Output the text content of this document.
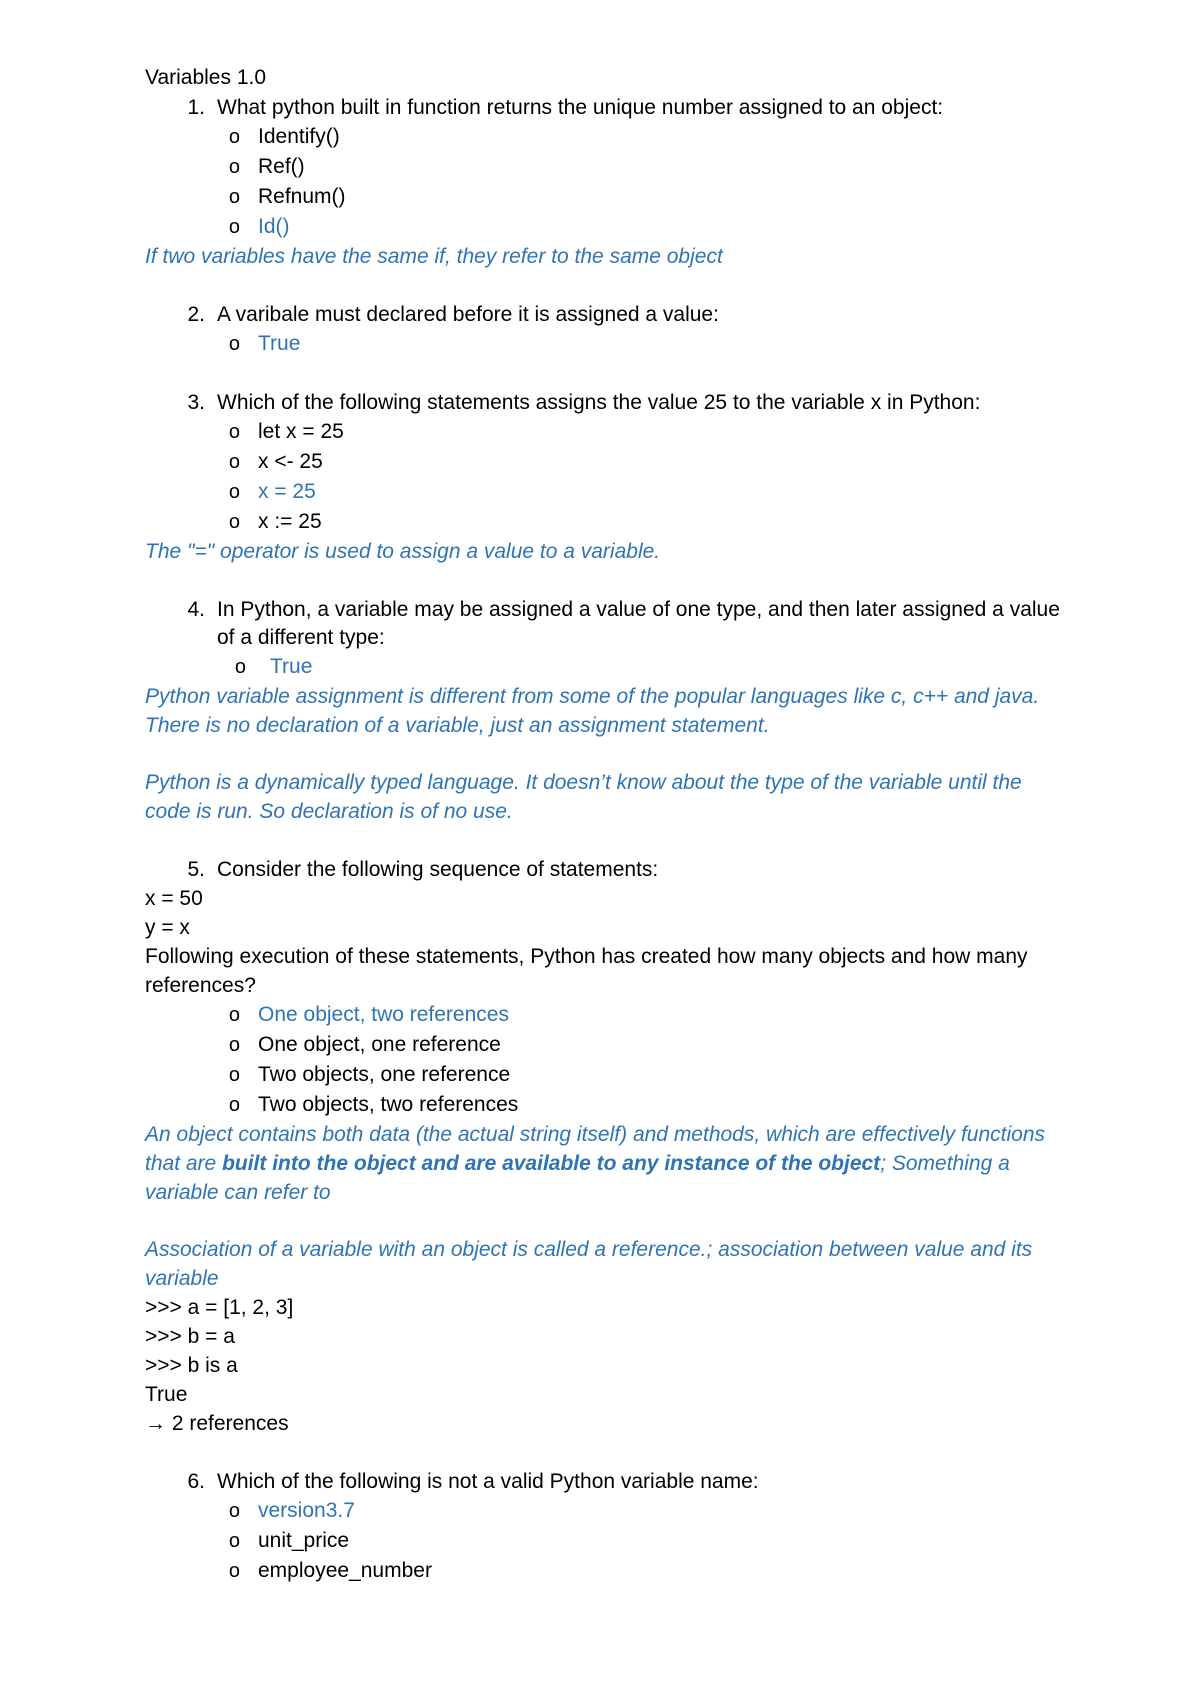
Variables 1.0
1. What python built in function returns the unique number assigned to an object:
o Identify()
o Ref()
o Refnum()
o Id()
If two variables have the same if, they refer to the same object
2. A varibale must declared before it is assigned a value:
o True
3. Which of the following statements assigns the value 25 to the variable x in Python:
o let x = 25
o x <- 25
o x = 25
o x := 25
The "=" operator is used to assign a value to a variable.
4. In Python, a variable may be assigned a value of one type, and then later assigned a value of a different type:
o	True
Python variable assignment is different from some of the popular languages like c, c++ and java. There is no declaration of a variable, just an assignment statement.
Python is a dynamically typed language. It doesn’t know about the type of the variable until the code is run. So declaration is of no use.
5. Consider the following sequence of statements:
x = 50
y = x
Following execution of these statements, Python has created how many objects and how many references?
o One object, two references
o One object, one reference
o Two objects, one reference
o Two objects, two references
An object contains both data (the actual string itself) and methods, which are effectively functions that are built into the object and are available to any instance of the object; Something a variable can refer to
Association of a variable with an object is called a reference.; association between value and its variable
>>> a = [1, 2, 3]
>>> b = a
>>> b is a
True
→ 2 references
6. Which of the following is not a valid Python variable name:
o version3.7
o unit_price
o employee_number
